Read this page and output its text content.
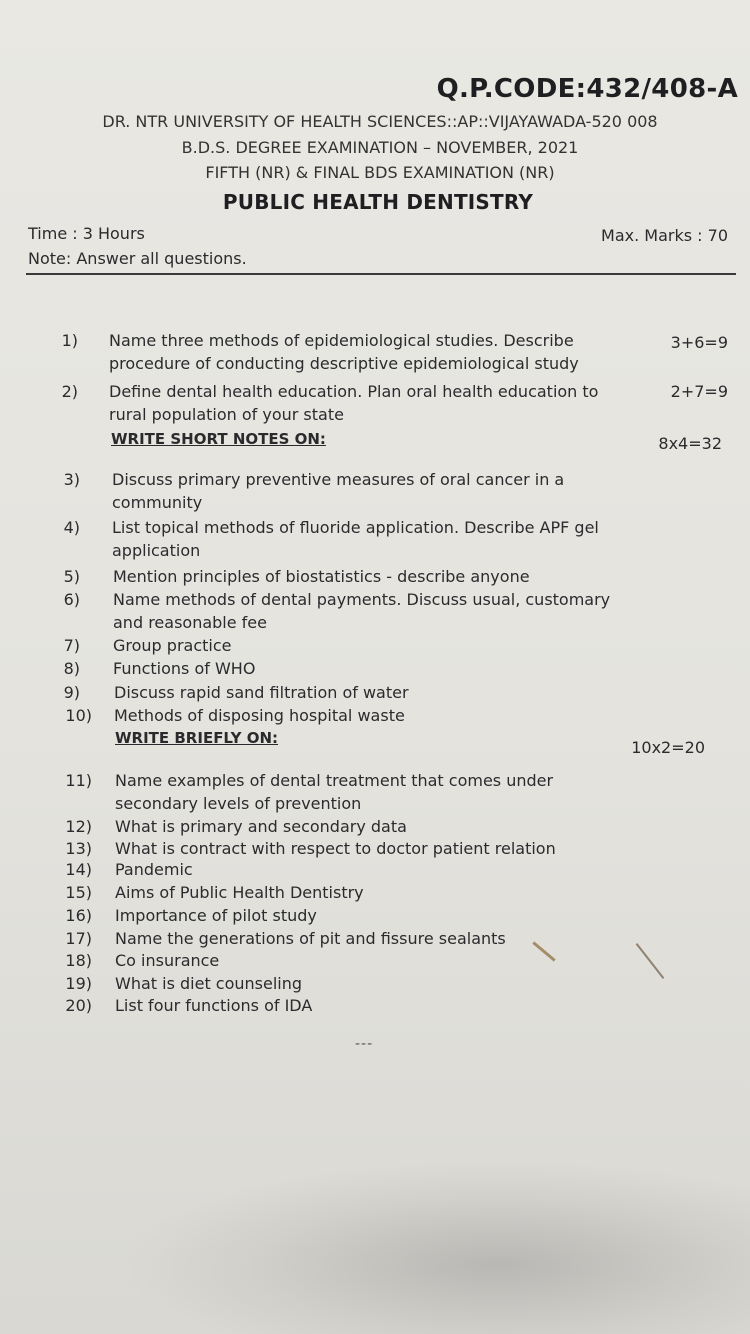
Q.P.CODE:432/408-A
DR. NTR UNIVERSITY OF HEALTH SCIENCES::AP::VIJAYAWADA-520 008
B.D.S. DEGREE EXAMINATION – NOVEMBER, 2021
FIFTH (NR) & FINAL BDS EXAMINATION (NR)
PUBLIC HEALTH DENTISTRY
Time : 3 Hours	Max. Marks : 70
Note: Answer all questions.
1) Name three methods of epidemiological studies. Describe procedure of conducting descriptive epidemiological study
3+6=9
2) Define dental health education. Plan oral health education to rural population of your state
2+7=9
WRITE SHORT NOTES ON:	8x4=32
3) Discuss primary preventive measures of oral cancer in a community
4) List topical methods of fluoride application. Describe APF gel application
5) Mention principles of biostatistics - describe anyone
6) Name methods of dental payments. Discuss usual, customary and reasonable fee
7) Group practice
8) Functions of WHO
9) Discuss rapid sand filtration of water
10) Methods of disposing hospital waste
WRITE BRIEFLY ON:	10x2=20
11) Name examples of dental treatment that comes under secondary levels of prevention
12) What is primary and secondary data
13) What is contract with respect to doctor patient relation
14) Pandemic
15) Aims of Public Health Dentistry
16) Importance of pilot study
17) Name the generations of pit and fissure sealants
18) Co insurance
19) What is diet counseling
20) List four functions of IDA
---
